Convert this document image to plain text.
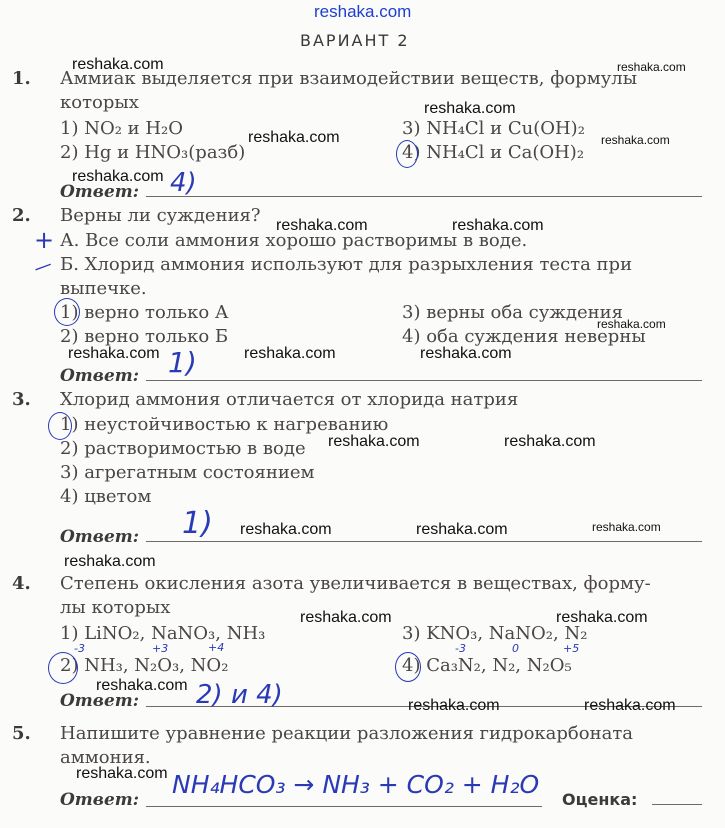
reshaka.com
ВАРИАНТ 2
reshaka.com	reshaka.com
1. Аммиак выделяется при взаимодействии веществ, формулы
которых	reshaka.com
1) NO₂ и H₂O	3) NH₄Cl и Cu(OH)₂
reshaka.com
reshaka.com
2) Hg и HNO₃(разб)	4) NH₄Cl и Ca(OH)₂
reshaka.com
Ответ: 4)
2. Верны ли суждения? reshaka.com	reshaka.com
+ А. Все соли аммония хорошо растворимы в воде.
— Б. Хлорид аммония используют для разрыхления теста при
выпечке.
1) верно только А	3) верны оба суждения
reshaka.com
2) верно только Б	4) оба суждения неверны
reshaka.com	reshaka.com	reshaka.com
Ответ: 1)
3. Хлорид аммония отличается от хлорида натрия
1) неустойчивостью к нагреванию
reshaka.com	reshaka.com
2) растворимостью в воде
3) агрегатным состоянием
4) цветом
1) reshaka.com	reshaka.com	reshaka.com
Ответ:
reshaka.com
4. Степень окисления азота увеличивается в веществах, форму-
лы которых	reshaka.com	reshaka.com
1) LiNO₂, NaNO₃, NH₃	3) KNO₃, NaNO₂, N₂
-3	+3	+4	-3	0	+5
2) NH₃, N₂O₃, NO₂	4) Ca₃N₂, N₂, N₂O₅
reshaka.com
Ответ: 2) и 4)	reshaka.com	reshaka.com
5. Напишите уравнение реакции разложения гидрокарбоната
аммония.
reshaka.com
Ответ:
NH₄HCO₃ → NH₃ + CO₂ + H₂O
Оценка:
